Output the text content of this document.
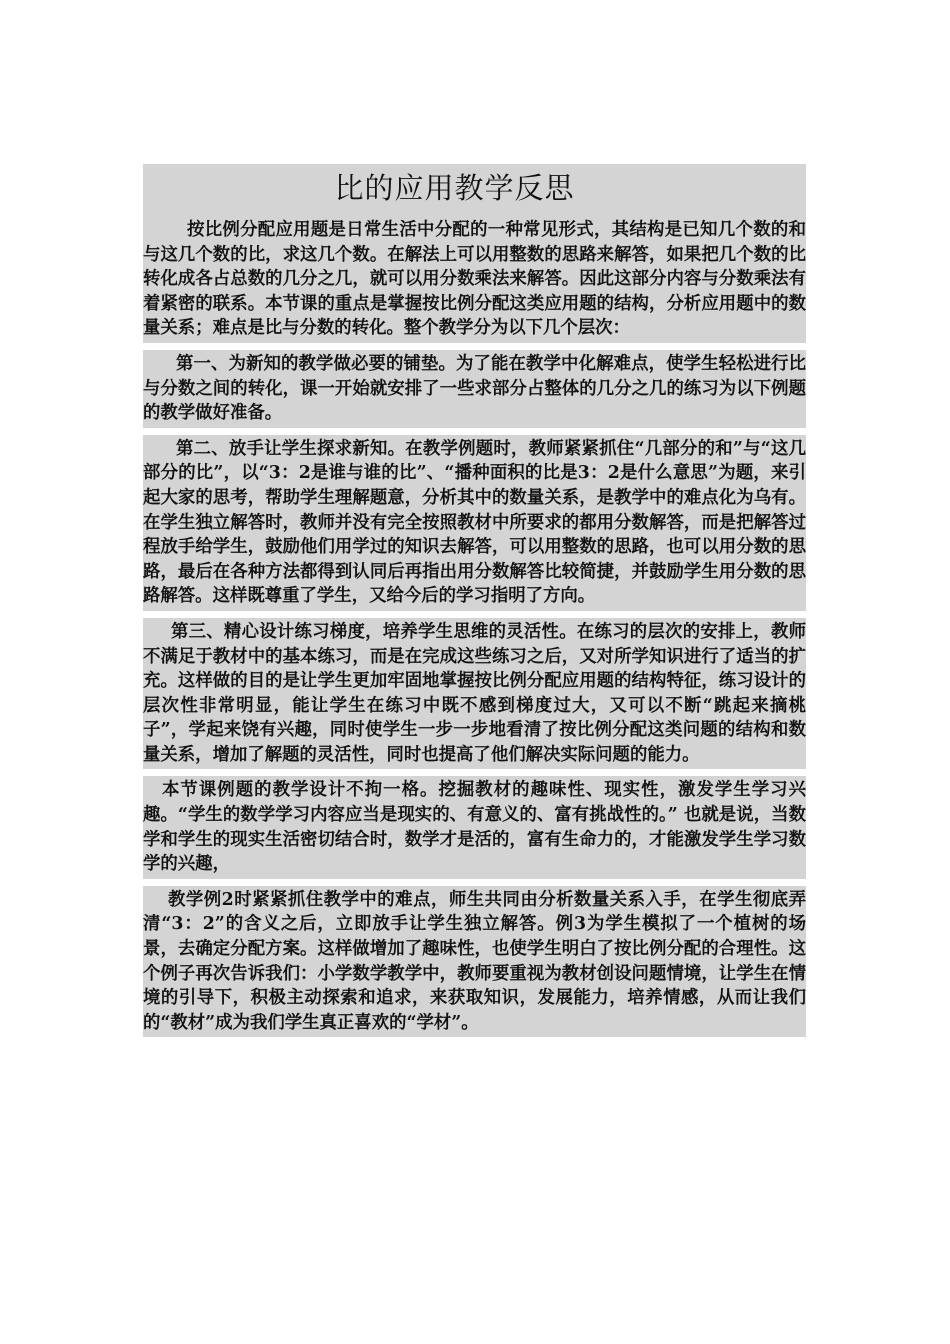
比的应用教学反思

按比例分配应用题是日常生活中分配的一种常见形式，其结构是已知几个数的和与这几个数的比，求这几个数。在解法上可以用整数的思路来解答，如果把几个数的比转化成各占总数的几分之几，就可以用分数乘法来解答。因此这部分内容与分数乘法有着紧密的联系。本节课的重点是掌握按比例分配这类应用题的结构，分析应用题中的数量关系；难点是比与分数的转化。整个教学分为以下几个层次：

第一、为新知的教学做必要的铺垫。为了能在教学中化解难点，使学生轻松进行比与分数之间的转化，课一开始就安排了一些求部分占整体的几分之几的练习为以下例题的教学做好准备。

第二、放手让学生探求新知。在教学例题时，教师紧紧抓住“几部分的和”与“这几部分的比”，以“3：2是谁与谁的比”、“播种面积的比是3：2是什么意思”为题，来引起大家的思考，帮助学生理解题意，分析其中的数量关系，是教学中的难点化为乌有。在学生独立解答时，教师并没有完全按照教材中所要求的都用分数解答，而是把解答过程放手给学生，鼓励他们用学过的知识去解答，可以用整数的思路，也可以用分数的思路，最后在各种方法都得到认同后再指出用分数解答比较简捷，并鼓励学生用分数的思路解答。这样既尊重了学生，又给今后的学习指明了方向。

第三、精心设计练习梯度，培养学生思维的灵活性。在练习的层次的安排上，教师不满足于教材中的基本练习，而是在完成这些练习之后，又对所学知识进行了适当的扩充。这样做的目的是让学生更加牢固地掌握按比例分配应用题的结构特征，练习设计的层次性非常明显，能让学生在练习中既不感到梯度过大，又可以不断“跳起来摘桃子”，学起来饶有兴趣，同时使学生一步一步地看清了按比例分配这类问题的结构和数量关系，增加了解题的灵活性，同时也提高了他们解决实际问题的能力。

本节课例题的教学设计不拘一格。挖掘教材的趣味性、现实性，激发学生学习兴趣。“学生的数学学习内容应当是现实的、有意义的、富有挑战性的。” 也就是说，当数学和学生的现实生活密切结合时，数学才是活的，富有生命力的，才能激发学生学习数学的兴趣，

教学例2时紧紧抓住教学中的难点，师生共同由分析数量关系入手，在学生彻底弄清“3：2”的含义之后，立即放手让学生独立解答。例3为学生模拟了一个植树的场景，去确定分配方案。这样做增加了趣味性，也使学生明白了按比例分配的合理性。这个例子再次告诉我们：小学数学教学中，教师要重视为教材创设问题情境，让学生在情境的引导下，积极主动探索和追求，来获取知识，发展能力，培养情感，从而让我们的“教材”成为我们学生真正喜欢的“学材”。
